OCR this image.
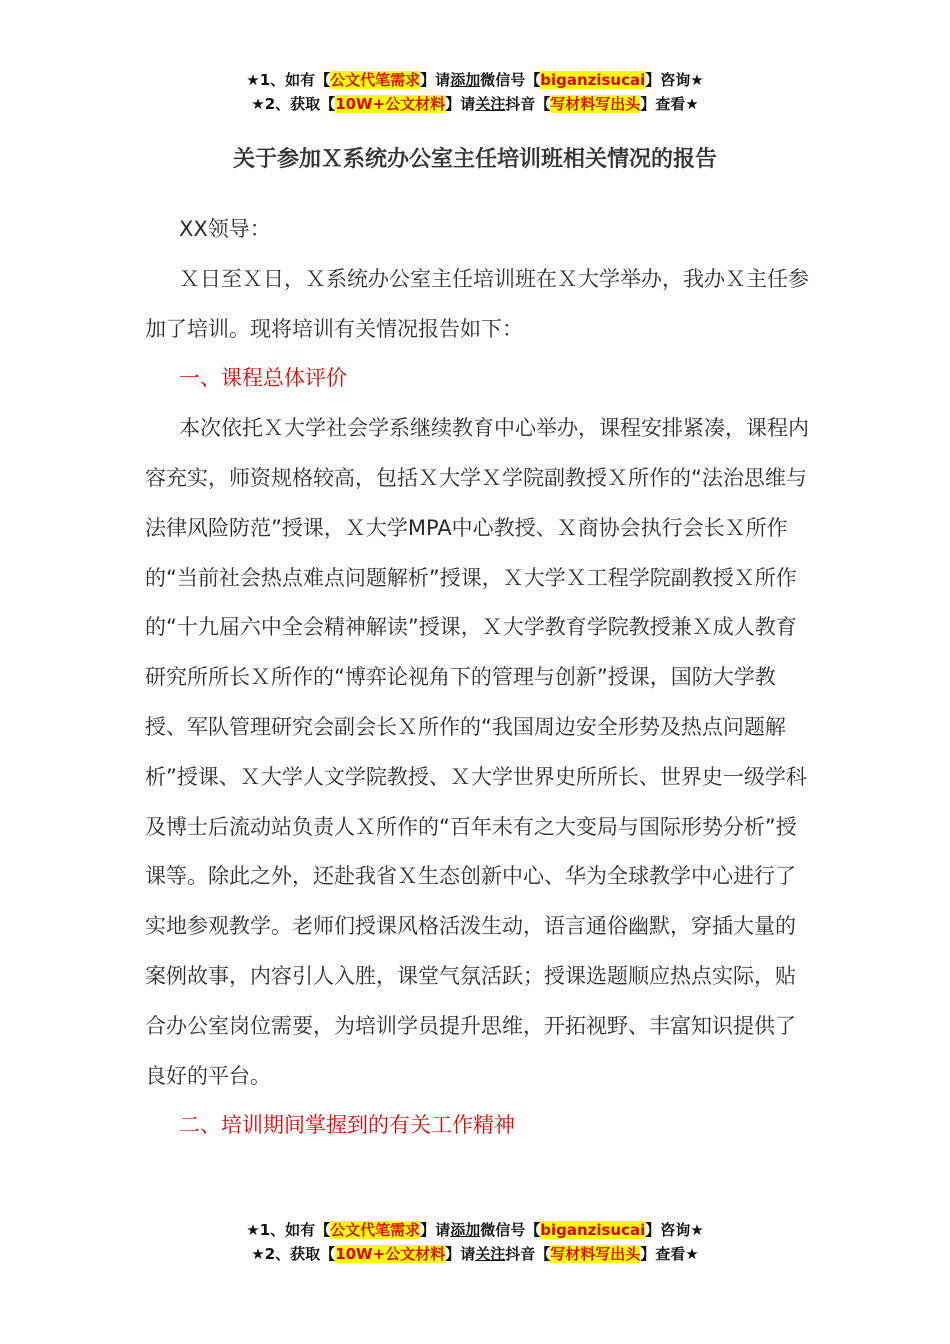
★1、如有【公文代笔需求】请添加微信号【biganzisucai】咨询★
★2、获取【10W+公文材料】请关注抖音【写材料写出头】查看★
关于参加Ｘ系统办公室主任培训班相关情况的报告

XX领导：

Ｘ日至Ｘ日，Ｘ系统办公室主任培训班在Ｘ大学举办，我办Ｘ主任参加了培训。现将培训有关情况报告如下：

一、课程总体评价

本次依托Ｘ大学社会学系继续教育中心举办，课程安排紧凑，课程内容充实，师资规格较高，包括Ｘ大学Ｘ学院副教授Ｘ所作的“法治思维与法律风险防范”授课，Ｘ大学MPA中心教授、Ｘ商协会执行会长Ｘ所作的“当前社会热点难点问题解析”授课，Ｘ大学Ｘ工程学院副教授Ｘ所作的“十九届六中全会精神解读”授课，Ｘ大学教育学院教授兼Ｘ成人教育研究所所长Ｘ所作的“博弈论视角下的管理与创新”授课，国防大学教授、军队管理研究会副会长Ｘ所作的“我国周边安全形势及热点问题解析”授课、Ｘ大学人文学院教授、Ｘ大学世界史所所长、世界史一级学科及博士后流动站负责人Ｘ所作的“百年未有之大变局与国际形势分析”授课等。除此之外，还赴我省Ｘ生态创新中心、华为全球教学中心进行了实地参观教学。老师们授课风格活泼生动，语言通俗幽默，穿插大量的案例故事，内容引人入胜，课堂气氛活跃；授课选题顺应热点实际，贴合办公室岗位需要，为培训学员提升思维，开拓视野、丰富知识提供了良好的平台。

二、培训期间掌握到的有关工作精神

★1、如有【公文代笔需求】请添加微信号【biganzisucai】咨询★
★2、获取【10W+公文材料】请关注抖音【写材料写出头】查看★
